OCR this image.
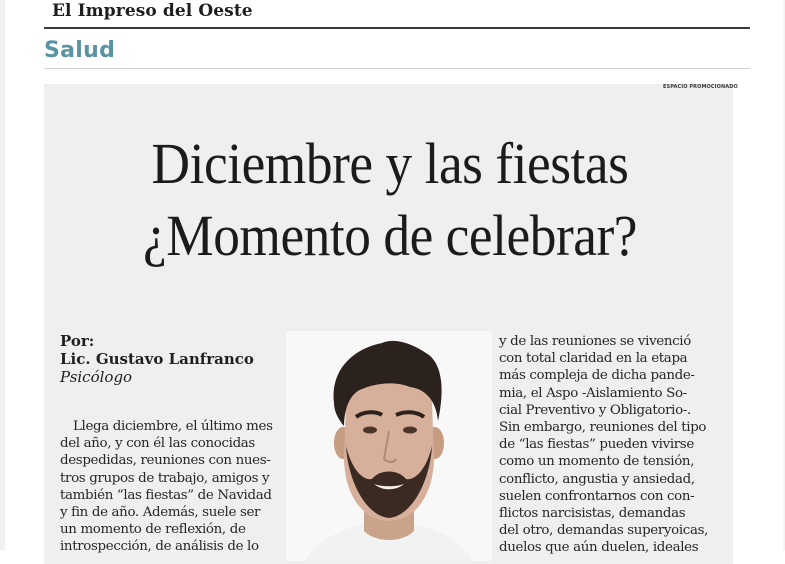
El Impreso del Oeste
Salud
ESPACIO PROMOCIONADO
Diciembre y las fiestas
¿Momento de celebrar?
Por:
Lic. Gustavo Lanfranco
Psicólogo
Llega diciembre, el último mes
del año, y con él las conocidas
despedidas, reuniones con nues-
tros grupos de trabajo, amigos y
también “las fiestas” de Navidad
y fin de año. Además, suele ser
un momento de reflexión, de
introspección, de análisis de lo
y de las reuniones se vivenció
con total claridad en la etapa
más compleja de dicha pande-
mia, el Aspo -Aislamiento So-
cial Preventivo y Obligatorio-.
Sin embargo, reuniones del tipo
de “las fiestas” pueden vivirse
como un momento de tensión,
conflicto, angustia y ansiedad,
suelen confrontarnos con con-
flictos narcisistas, demandas
del otro, demandas superyoicas,
duelos que aún duelen, ideales
